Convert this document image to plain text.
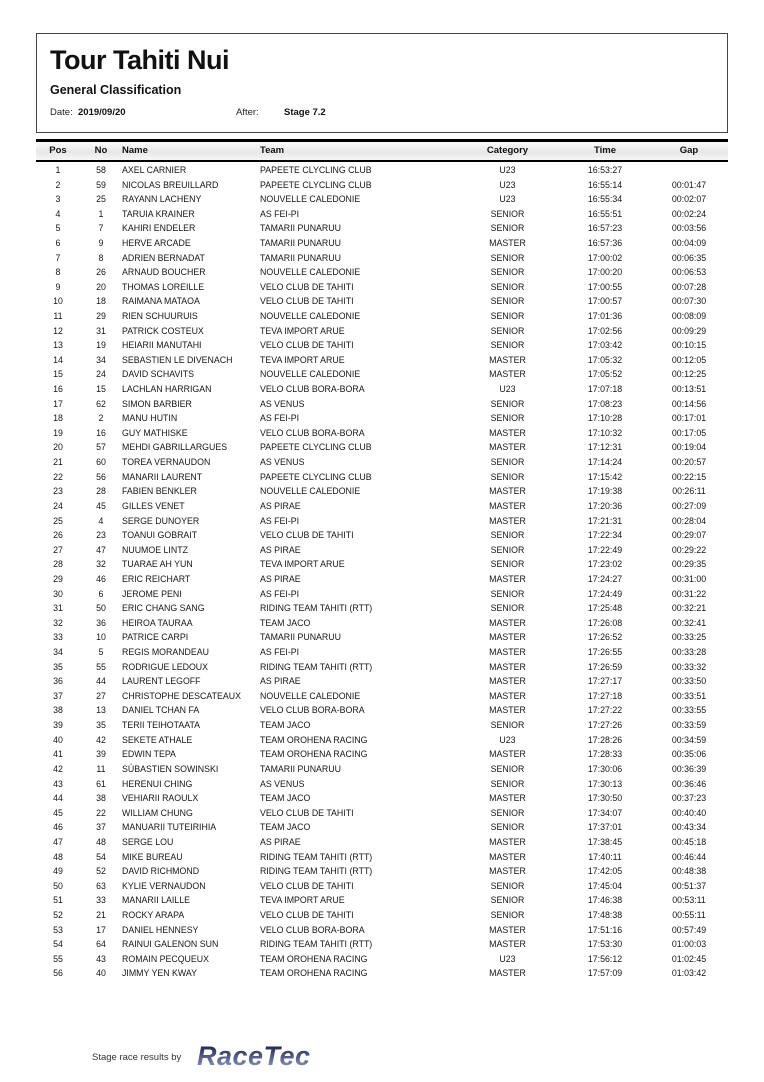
Tour Tahiti Nui
General Classification
Date: 2019/09/20	After:	Stage 7.2
Pos	No	Name	Team	Category	Time	Gap
1	58	AXEL CARNIER	PAPEETE CLYCLING CLUB	U23	16:53:27
2	59	NICOLAS BREUILLARD	PAPEETE CLYCLING CLUB	U23	16:55:14	00:01:47
3	25	RAYANN LACHENY	NOUVELLE CALEDONIE	U23	16:55:34	00:02:07
4	1	TARUIA KRAINER	AS FEI-PI	SENIOR	16:55:51	00:02:24
5	7	KAHIRI ENDELER	TAMARII PUNARUU	SENIOR	16:57:23	00:03:56
6	9	HERVE ARCADE	TAMARII PUNARUU	MASTER	16:57:36	00:04:09
7	8	ADRIEN BERNADAT	TAMARII PUNARUU	SENIOR	17:00:02	00:06:35
8	26	ARNAUD BOUCHER	NOUVELLE CALEDONIE	SENIOR	17:00:20	00:06:53
9	20	THOMAS LOREILLE	VELO CLUB DE TAHITI	SENIOR	17:00:55	00:07:28
10	18	RAIMANA MATAOA	VELO CLUB DE TAHITI	SENIOR	17:00:57	00:07:30
11	29	RIEN SCHUURUIS	NOUVELLE CALEDONIE	SENIOR	17:01:36	00:08:09
12	31	PATRICK COSTEUX	TEVA IMPORT ARUE	SENIOR	17:02:56	00:09:29
13	19	HEIARII MANUTAHI	VELO CLUB DE TAHITI	SENIOR	17:03:42	00:10:15
14	34	SEBASTIEN LE DIVENACH	TEVA IMPORT ARUE	MASTER	17:05:32	00:12:05
15	24	DAVID SCHAVITS	NOUVELLE CALEDONIE	MASTER	17:05:52	00:12:25
16	15	LACHLAN HARRIGAN	VELO CLUB BORA-BORA	U23	17:07:18	00:13:51
17	62	SIMON BARBIER	AS VENUS	SENIOR	17:08:23	00:14:56
18	2	MANU HUTIN	AS FEI-PI	SENIOR	17:10:28	00:17:01
19	16	GUY MATHISKE	VELO CLUB BORA-BORA	MASTER	17:10:32	00:17:05
20	57	MEHDI GABRILLARGUES	PAPEETE CLYCLING CLUB	MASTER	17:12:31	00:19:04
21	60	TOREA VERNAUDON	AS VENUS	SENIOR	17:14:24	00:20:57
22	56	MANARII LAURENT	PAPEETE CLYCLING CLUB	SENIOR	17:15:42	00:22:15
23	28	FABIEN BENKLER	NOUVELLE CALEDONIE	MASTER	17:19:38	00:26:11
24	45	GILLES VENET	AS PIRAE	MASTER	17:20:36	00:27:09
25	4	SERGE DUNOYER	AS FEI-PI	MASTER	17:21:31	00:28:04
26	23	TOANUI GOBRAIT	VELO CLUB DE TAHITI	SENIOR	17:22:34	00:29:07
27	47	NUUMOE LINTZ	AS PIRAE	SENIOR	17:22:49	00:29:22
28	32	TUARAE AH YUN	TEVA IMPORT ARUE	SENIOR	17:23:02	00:29:35
29	46	ERIC REICHART	AS PIRAE	MASTER	17:24:27	00:31:00
30	6	JEROME PENI	AS FEI-PI	SENIOR	17:24:49	00:31:22
31	50	ERIC CHANG SANG	RIDING TEAM TAHITI (RTT)	SENIOR	17:25:48	00:32:21
32	36	HEIROA TAURAA	TEAM JACO	MASTER	17:26:08	00:32:41
33	10	PATRICE CARPI	TAMARII PUNARUU	MASTER	17:26:52	00:33:25
34	5	REGIS MORANDEAU	AS FEI-PI	MASTER	17:26:55	00:33:28
35	55	RODRIGUE LEDOUX	RIDING TEAM TAHITI (RTT)	MASTER	17:26:59	00:33:32
36	44	LAURENT LEGOFF	AS PIRAE	MASTER	17:27:17	00:33:50
37	27	CHRISTOPHE DESCATEAUX	NOUVELLE CALEDONIE	MASTER	17:27:18	00:33:51
38	13	DANIEL TCHAN FA	VELO CLUB BORA-BORA	MASTER	17:27:22	00:33:55
39	35	TERII TEIHOTAATA	TEAM JACO	SENIOR	17:27:26	00:33:59
40	42	SEKETE ATHALE	TEAM OROHENA RACING	U23	17:28:26	00:34:59
41	39	EDWIN TEPA	TEAM OROHENA RACING	MASTER	17:28:33	00:35:06
42	11	SÚBASTIEN SOWINSKI	TAMARII PUNARUU	SENIOR	17:30:06	00:36:39
43	61	HERENUI CHING	AS VENUS	SENIOR	17:30:13	00:36:46
44	38	VEHIARII RAOULX	TEAM JACO	MASTER	17:30:50	00:37:23
45	22	WILLIAM CHUNG	VELO CLUB DE TAHITI	SENIOR	17:34:07	00:40:40
46	37	MANUARII TUTEIRIHIA	TEAM JACO	SENIOR	17:37:01	00:43:34
47	48	SERGE LOU	AS PIRAE	MASTER	17:38:45	00:45:18
48	54	MIKE BUREAU	RIDING TEAM TAHITI (RTT)	MASTER	17:40:11	00:46:44
49	52	DAVID RICHMOND	RIDING TEAM TAHITI (RTT)	MASTER	17:42:05	00:48:38
50	63	KYLIE VERNAUDON	VELO CLUB DE TAHITI	SENIOR	17:45:04	00:51:37
51	33	MANARII LAILLE	TEVA IMPORT ARUE	SENIOR	17:46:38	00:53:11
52	21	ROCKY ARAPA	VELO CLUB DE TAHITI	SENIOR	17:48:38	00:55:11
53	17	DANIEL HENNESY	VELO CLUB BORA-BORA	MASTER	17:51:16	00:57:49
54	64	RAINUI GALENON SUN	RIDING TEAM TAHITI (RTT)	MASTER	17:53:30	01:00:03
55	43	ROMAIN PECQUEUX	TEAM OROHENA RACING	U23	17:56:12	01:02:45
56	40	JIMMY YEN KWAY	TEAM OROHENA RACING	MASTER	17:57:09	01:03:42
Stage race results by RaceTec
